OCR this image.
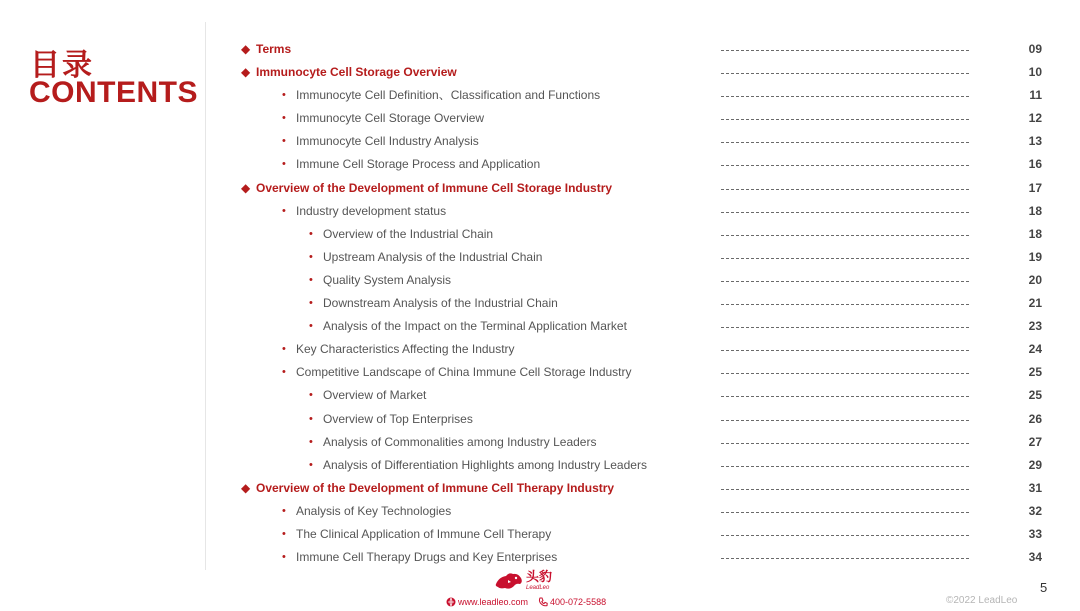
目录
CONTENTS
◆ Terms	09
◆ Immunocyte Cell Storage Overview	10
• Immunocyte Cell Definition、Classification and Functions	11
• Immunocyte Cell Storage Overview	12
• Immunocyte Cell Industry Analysis	13
• Immune Cell Storage Process and Application	16
◆ Overview of the Development of Immune Cell Storage Industry	17
• Industry development status	18
• Overview of the Industrial Chain	18
• Upstream Analysis of the Industrial Chain	19
• Quality System Analysis	20
• Downstream Analysis of the Industrial Chain	21
• Analysis of the Impact on the Terminal Application Market	23
• Key Characteristics Affecting the Industry	24
• Competitive Landscape of China Immune Cell Storage Industry	25
• Overview of Market	25
• Overview of Top Enterprises	26
• Analysis of Commonalities among Industry Leaders	27
• Analysis of Differentiation Highlights among Industry Leaders	29
◆ Overview of the Development of Immune Cell Therapy Industry	31
• Analysis of Key Technologies	32
• The Clinical Application of Immune Cell Therapy	33
• Immune Cell Therapy Drugs and Key Enterprises	34
头豹
LeadLeo
www.leadleo.com 400-072-5588
5
©2022 LeadLeo
